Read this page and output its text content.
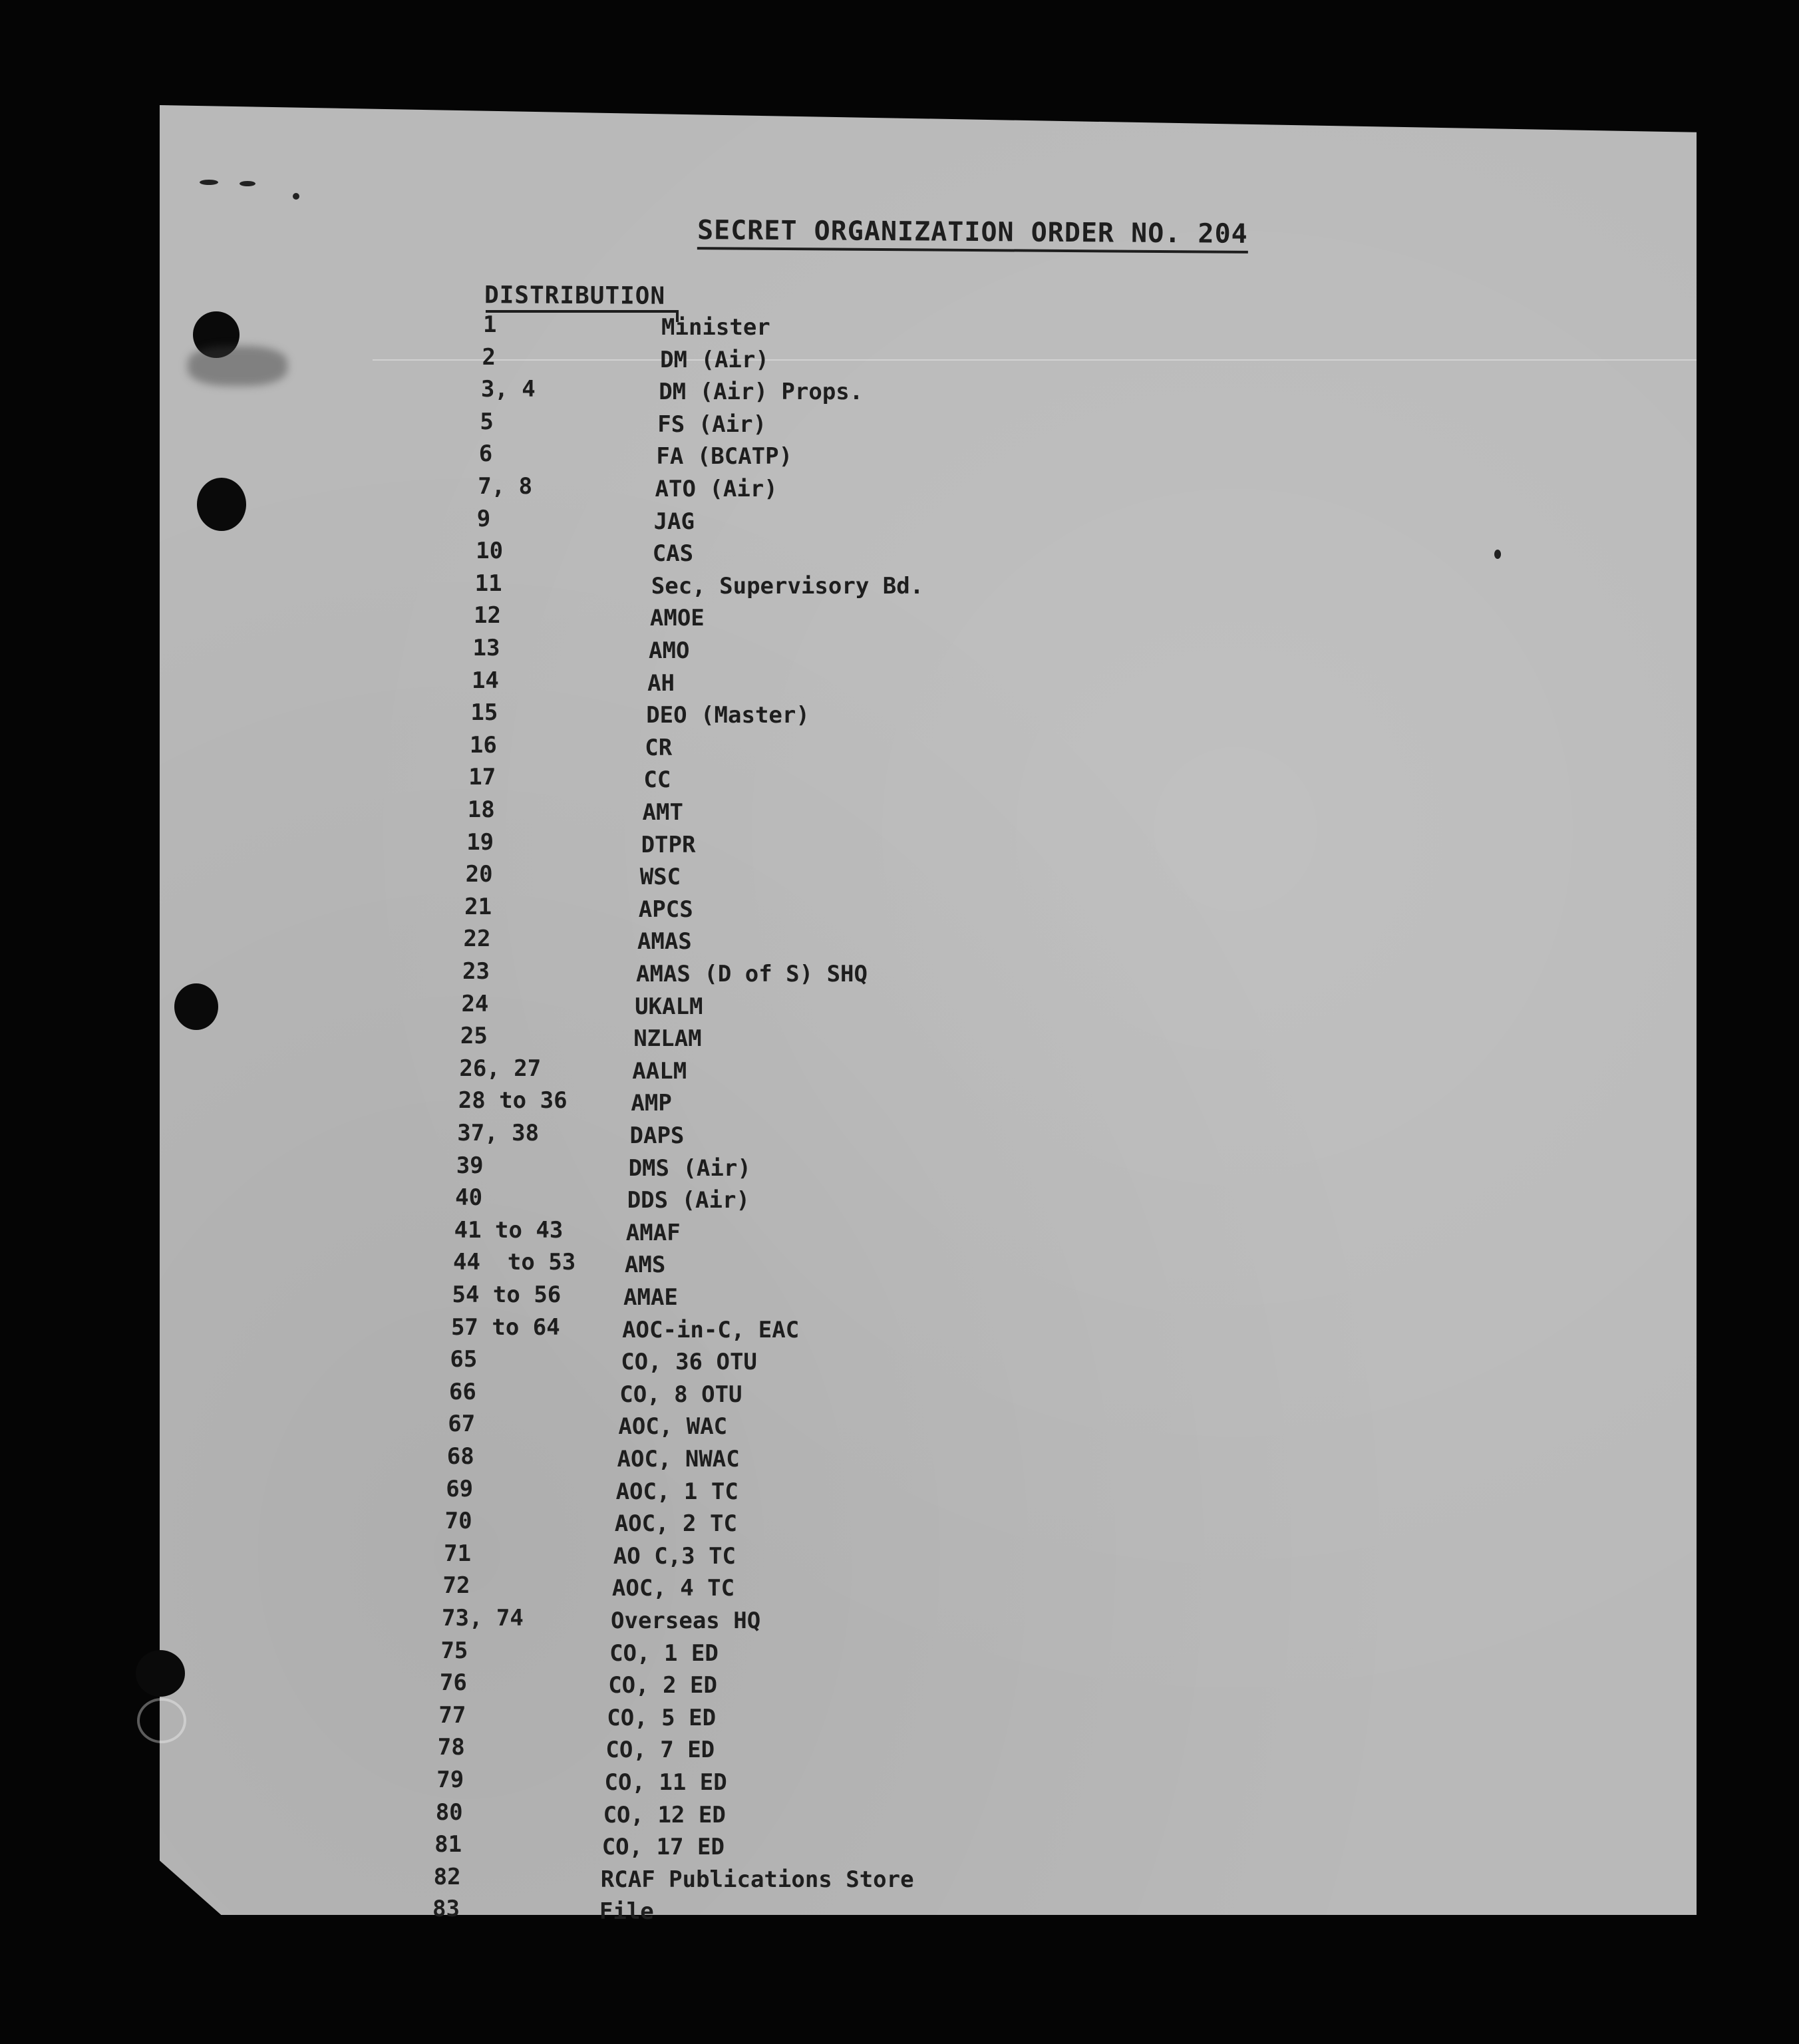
SECRET ORGANIZATION ORDER NO. 204
DISTRIBUTION
1	Minister
2	DM (Air)
3, 4	DM (Air) Props.
5	FS (Air)
6	FA (BCATP)
7, 8	ATO (Air)
9	JAG
10	CAS
11	Sec, Supervisory Bd.
12	AMOE
13	AMO
14	AH
15	DEO (Master)
16	CR
17	CC
18	AMT
19	DTPR
20	WSC
21	APCS
22	AMAS
23	AMAS (D of S) SHQ
24	UKALM
25	NZLAM
26, 27	AALM
28 to 36	AMP
37, 38	DAPS
39	DMS (Air)
40	DDS (Air)
41 to 43	AMAF
44  to 53 AMS
54 to 56	AMAE
57 to 64	AOC-in-C, EAC
65	CO, 36 OTU
66	CO, 8 OTU
67	AOC, WAC
68	AOC, NWAC
69	AOC, 1 TC
70	AOC, 2 TC
71	AO C,3 TC
72	AOC, 4 TC
73, 74	Overseas HQ
75	CO, 1 ED
76	CO, 2 ED
77	CO, 5 ED
78	CO, 7 ED
79	CO, 11 ED
80	CO, 12 ED
81	CO, 17 ED
82	RCAF Publications Store
83	File
